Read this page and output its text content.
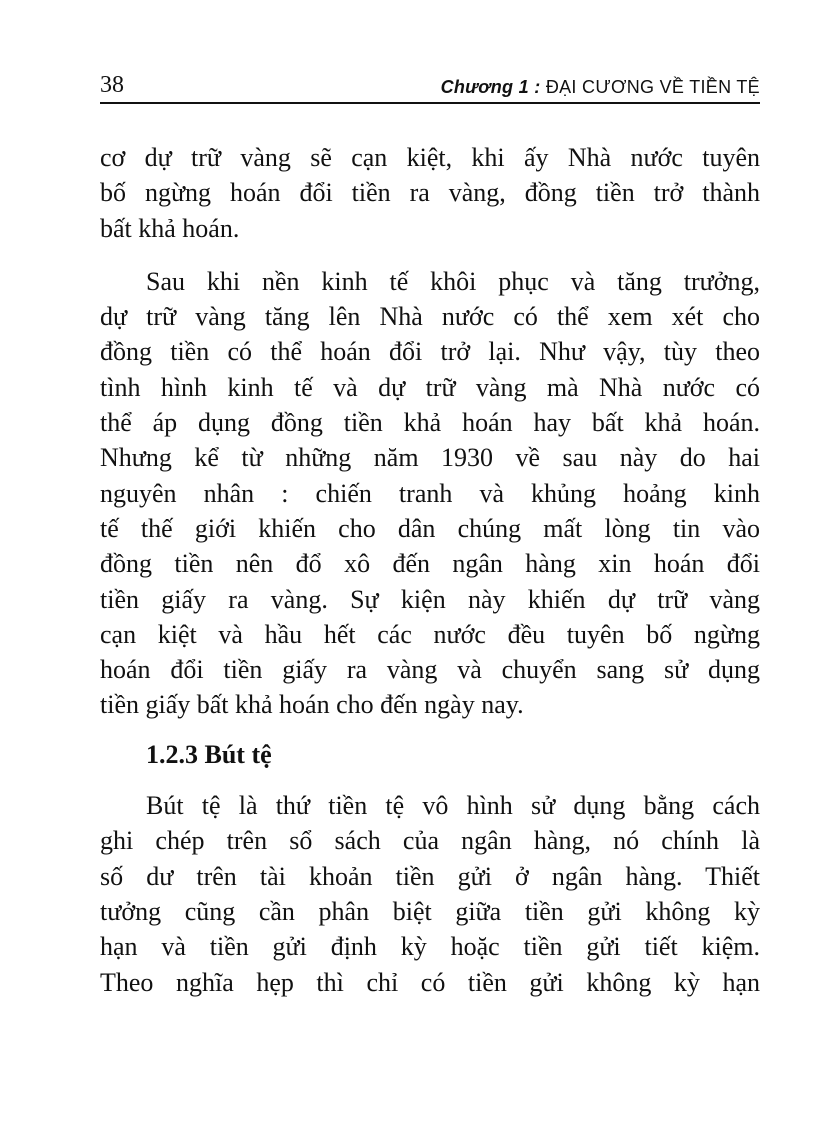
38	Chương 1 : ĐẠI CƯƠNG VỀ TIỀN TỆ
cơ dự trữ vàng sẽ cạn kiệt, khi ấy Nhà nước tuyên
bố ngừng hoán đổi tiền ra vàng, đồng tiền trở thành
bất khả hoán.
Sau khi nền kinh tế khôi phục và tăng trưởng,
dự trữ vàng tăng lên Nhà nước có thể xem xét cho
đồng tiền có thể hoán đổi trở lại. Như vậy, tùy theo
tình hình kinh tế và dự trữ vàng mà Nhà nước có
thể áp dụng đồng tiền khả hoán hay bất khả hoán.
Nhưng kể từ những năm 1930 về sau này do hai
nguyên nhân : chiến tranh và khủng hoảng kinh
tế thế giới khiến cho dân chúng mất lòng tin vào
đồng tiền nên đổ xô đến ngân hàng xin hoán đổi
tiền giấy ra vàng. Sự kiện này khiến dự trữ vàng
cạn kiệt và hầu hết các nước đều tuyên bố ngừng
hoán đổi tiền giấy ra vàng và chuyển sang sử dụng
tiền giấy bất khả hoán cho đến ngày nay.
1.2.3 Bút tệ
Bút tệ là thứ tiền tệ vô hình sử dụng bằng cách
ghi chép trên sổ sách của ngân hàng, nó chính là
số dư trên tài khoản tiền gửi ở ngân hàng. Thiết
tưởng cũng cần phân biệt giữa tiền gửi không kỳ
hạn và tiền gửi định kỳ hoặc tiền gửi tiết kiệm.
Theo nghĩa hẹp thì chỉ có tiền gửi không kỳ hạn
